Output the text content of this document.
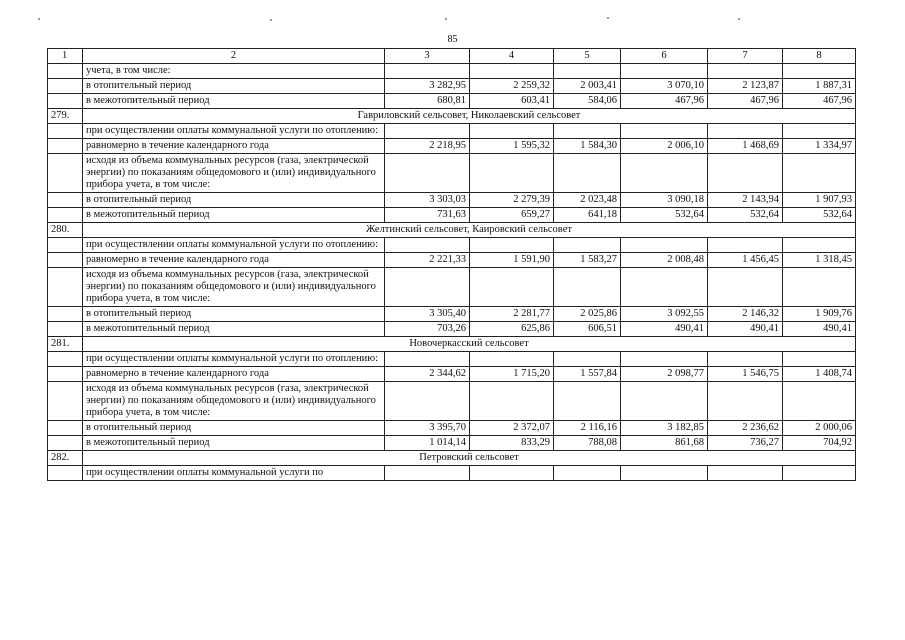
85
1	2	3	4	5	6	7	8
	учета, в том числе:						
	в отопительный период	3 282,95	2 259,32	2 003,41	3 070,10	2 123,87	1 887,31
	в межотопительный период	680,81	603,41	584,06	467,96	467,96	467,96
279.	Гавриловский сельсовет, Николаевский сельсовет						
	при осуществлении оплаты коммунальной услуги по отоплению:						
	равномерно в течение календарного года	2 218,95	1 595,32	1 584,30	2 006,10	1 468,69	1 334,97
	исходя из объема коммунальных ресурсов (газа, электрической энергии) по показаниям общедомового и (или) индивидуального прибора учета, в том числе:						
	в отопительный период	3 303,03	2 279,39	2 023,48	3 090,18	2 143,94	1 907,93
	в межотопительный период	731,63	659,27	641,18	532,64	532,64	532,64
280.	Желтинский сельсовет, Каировский сельсовет						
	при осуществлении оплаты коммунальной услуги по отоплению:						
	равномерно в течение календарного года	2 221,33	1 591,90	1 583,27	2 008,48	1 456,45	1 318,45
	исходя из объема коммунальных ресурсов (газа, электрической энергии) по показаниям общедомового и (или) индивидуального прибора учета, в том числе:						
	в отопительный период	3 305,40	2 281,77	2 025,86	3 092,55	2 146,32	1 909,76
	в межотопительный период	703,26	625,86	606,51	490,41	490,41	490,41
281.	Новочеркасский сельсовет						
	при осуществлении оплаты коммунальной услуги по отоплению:						
	равномерно в течение календарного года	2 344,62	1 715,20	1 557,84	2 098,77	1 546,75	1 408,74
	исходя из объема коммунальных ресурсов (газа, электрической энергии) по показаниям общедомового и (или) индивидуального прибора учета, в том числе:						
	в отопительный период	3 395,70	2 372,07	2 116,16	3 182,85	2 236,62	2 000,06
	в межотопительный период	1 014,14	833,29	788,08	861,68	736,27	704,92
282.	Петровский сельсовет						
	при осуществлении оплаты коммунальной услуги по						
